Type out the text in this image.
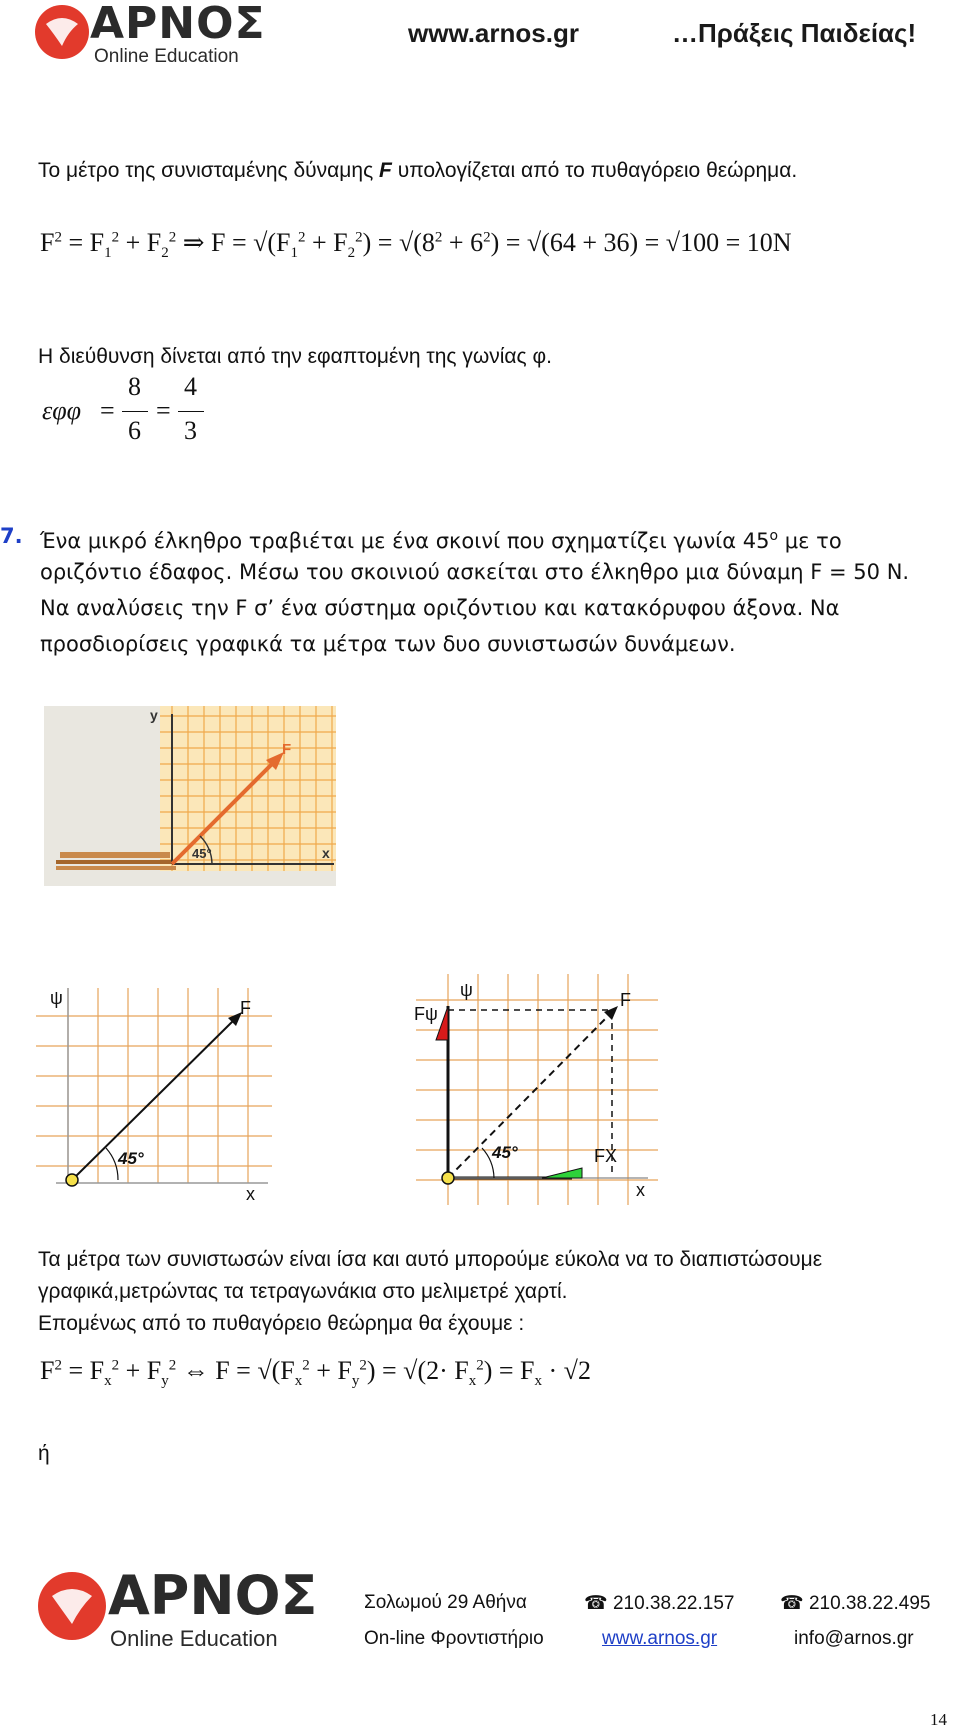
ΑΡΝΟΣ
Online Education
www.arnos.gr	…Πράξεις Παιδείας!
Το μέτρο της συνισταμένης δύναμης F υπολογίζεται από το πυθαγόρειο θεώρημα.
$F^2 = F_1^2 + F_2^2$ ⇒ $F = √(F_1^2 + F_2^2) = √(8^2 + 6^2) = √(64 + 36) = √100 = 10N$
Η διεύθυνση δίνεται από την εφαπτομένη της γωνίας φ.
εφφ =
8
6
=
4
3
7. Ένα μικρό έλκηθρο τραβιέται με ένα σκοινί που σχηματίζει γωνία $45^o$ με το
οριζόντιο έδαφος. Μέσω του σκοινιού ασκείται στο έλκηθρο μια δύναμη F = 50 N.
Να αναλύσεις την F σ’ ένα σύστημα οριζόντιου και κατακόρυφου άξονα. Να
προσδιορίσεις γραφικά τα μέτρα των δυο συνιστωσών δυνάμεων.
y
x
F
45°
ψ
x
F
45°
Fψ
ψ	F
FX
x
45°
Τα μέτρα των συνιστωσών είναι ίσα και αυτό μπορούμε εύκολα να το διαπιστώσουμε
γραφικά,μετρώντας τα τετραγωνάκια στο μελιμετρέ χαρτί.
Επομένως από το πυθαγόρειο θεώρημα θα έχουμε :
$F^2 = F_x^2 + F_y^2$ ⇔ $F = √(F_x^2 + F_y^2) = √(2\cdot F_x^2) = F_x \cdot √2$
ή
ΑΡΝΟΣ
Online Education
Σολωμού 29 Αθήνα	☎ 210.38.22.157 ☎ 210.38.22.495
On-line Φροντιστήριο	www.arnos.gr	info@arnos.gr
14
